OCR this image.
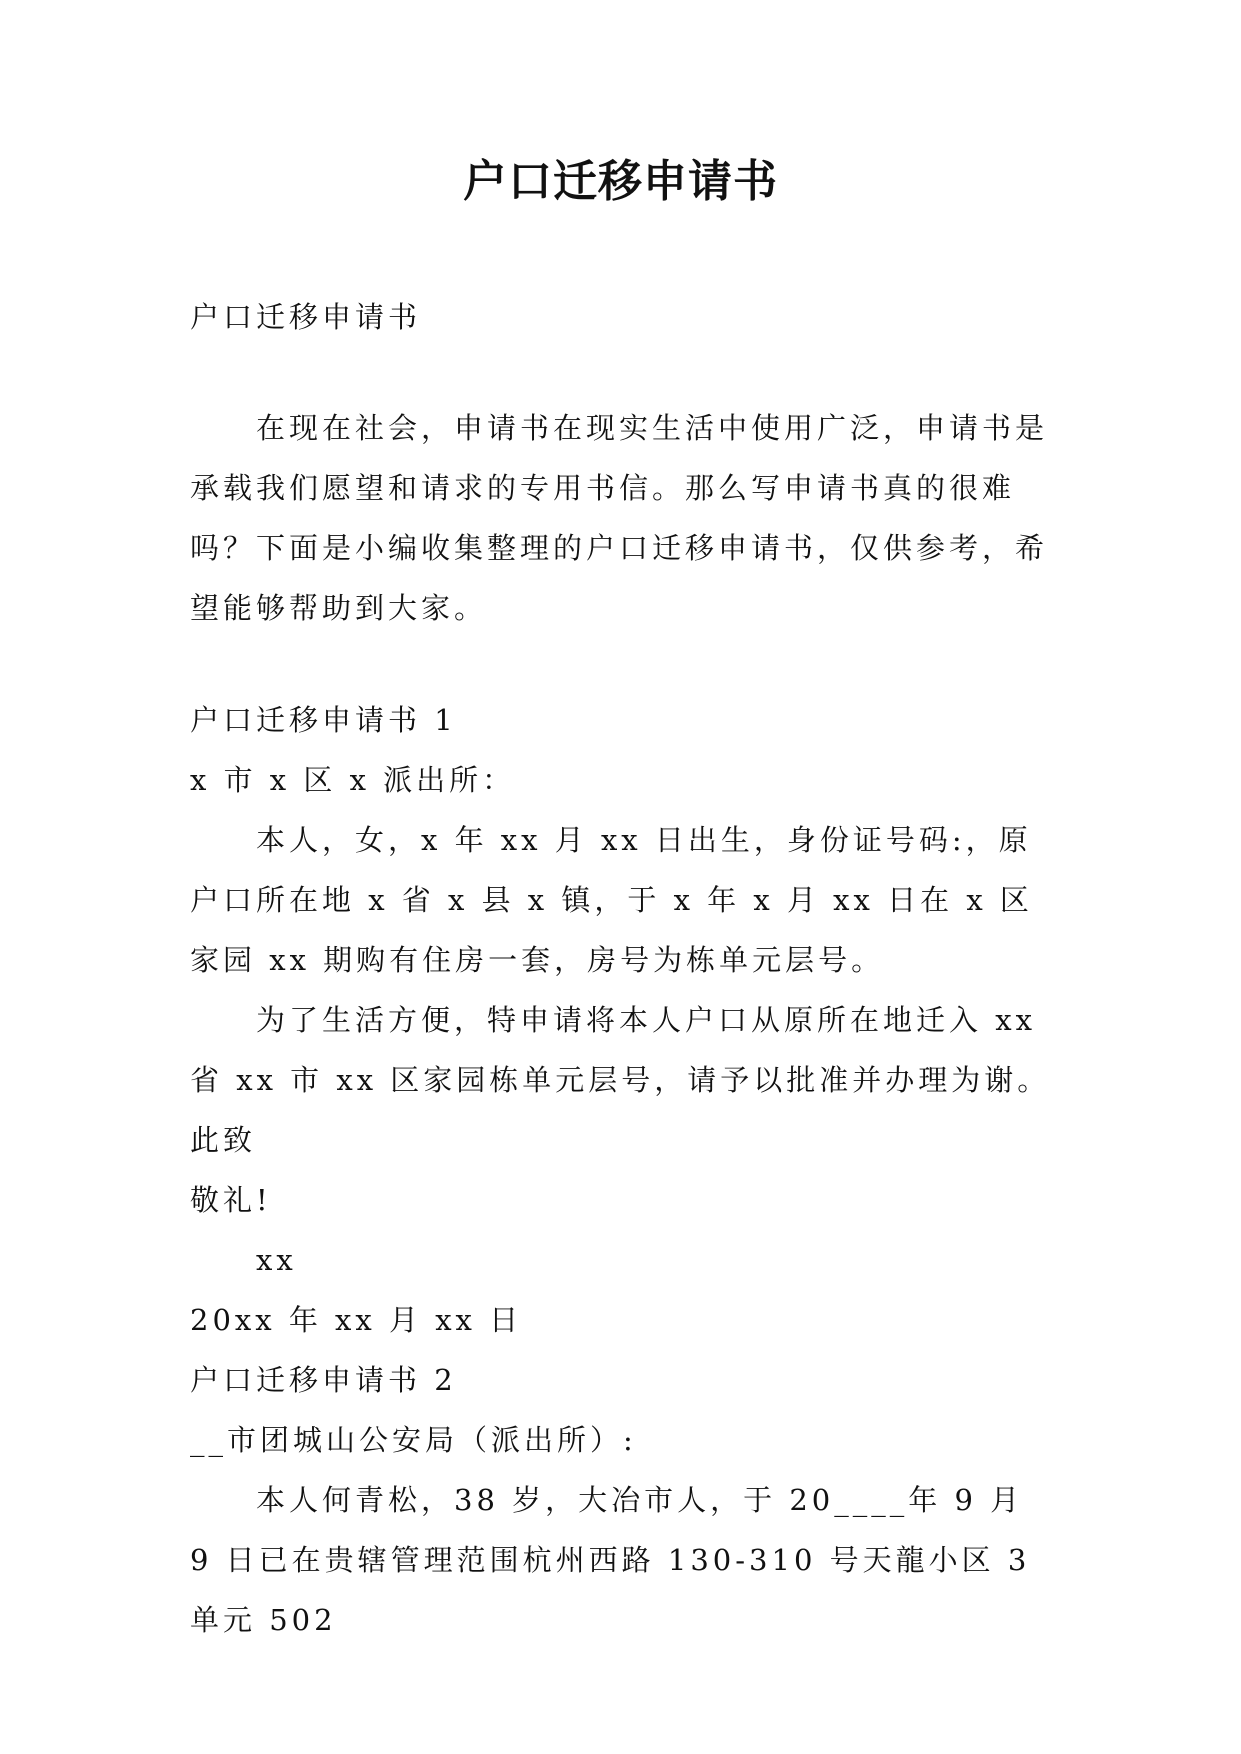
户口迁移申请书

户口迁移申请书

在现在社会，申请书在现实生活中使用广泛，申请书是承载我们愿望和请求的专用书信。那么写申请书真的很难吗？下面是小编收集整理的户口迁移申请书，仅供参考，希望能够帮助到大家。

户口迁移申请书 1

x 市 x 区 x 派出所：

本人，女，x 年 xx 月 xx 日出生，身份证号码:，原户口所在地 x 省 x 县 x 镇，于 x 年 x 月 xx 日在 x 区家园 xx 期购有住房一套，房号为栋单元层号。

为了生活方便，特申请将本人户口从原所在地迁入 xx 省 xx 市 xx 区家园栋单元层号，请予以批准并办理为谢。

此致

敬礼!

xx

20xx 年 xx 月 xx 日

户口迁移申请书 2

__市团城山公安局（派出所）:

本人何青松，38 岁，大冶市人，于 20____年 9 月 9 日已在贵辖管理范围杭州西路 130-310 号天龍小区 3 单元 502
